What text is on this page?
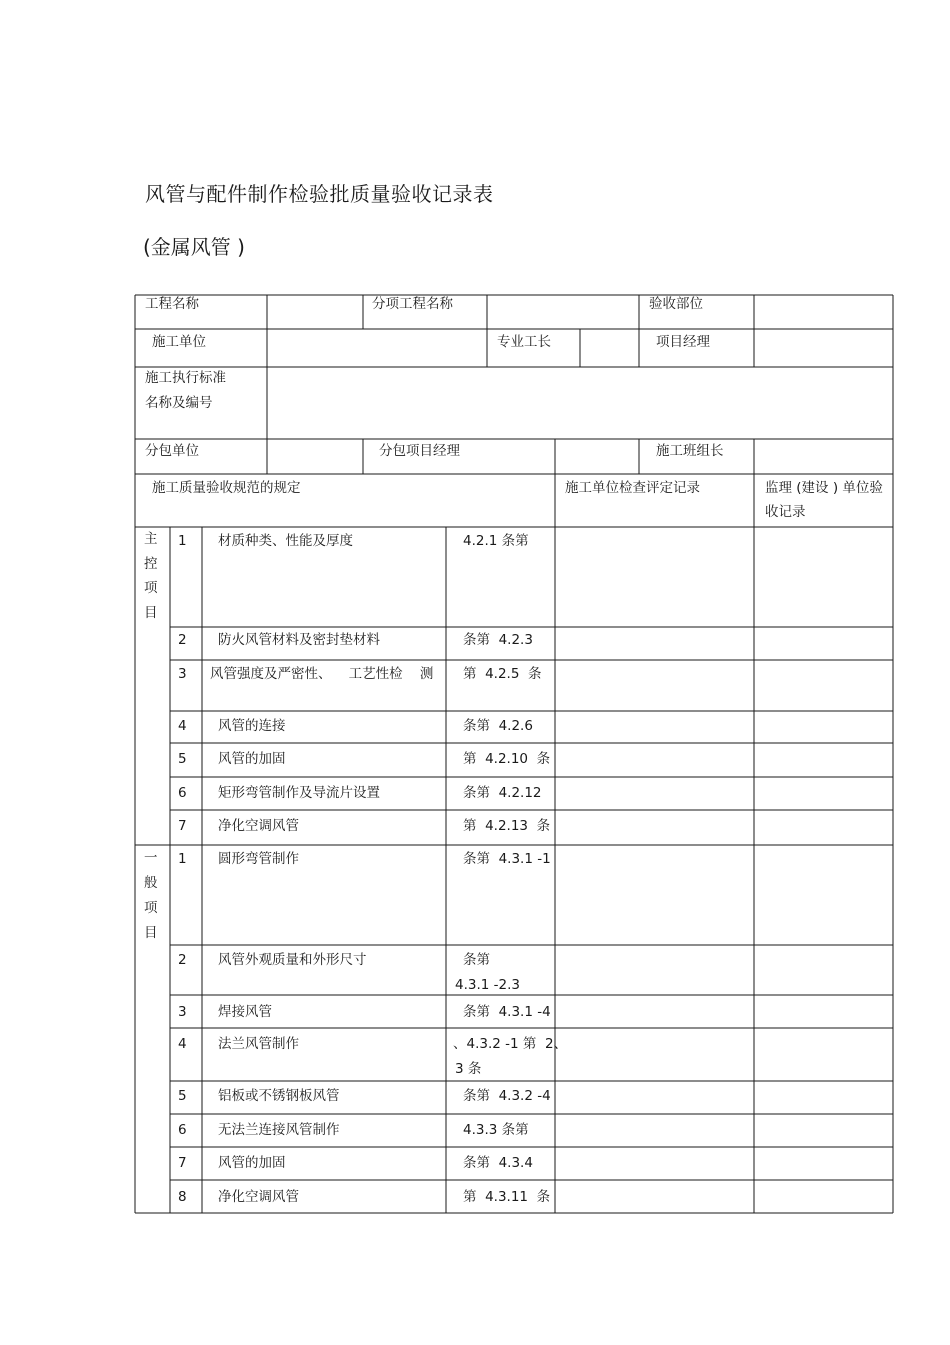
风管与配件制作检验批质量验收记录表
(金属风管 )
工程名称	分项工程名称	验收部位
施工单位	专业工长	项目经理
施工执行标准
名称及编号
分包单位	分包项目经理	施工班组长
施工质量验收规范的规定	施工单位检查评定记录	监理 (建设 ) 单位验
收记录
主
控
项
目
1 材质种类、性能及厚度	4.2.1 条第
2 防火风管材料及密封垫材料	条第  4.2.3
3 风管强度及严密性、    工艺性检    测 第  4.2.5  条
4 风管的连接	条第  4.2.6
5 风管的加固	第  4.2.10  条
6 矩形弯管制作及导流片设置	条第  4.2.12
7 净化空调风管	第  4.2.13  条
一
般
项
目
1 圆形弯管制作	条第  4.3.1 -1
2 风管外观质量和外形尺寸	条第
4.3.1 -2.3
3 焊接风管	条第  4.3.1 -4
4 法兰风管制作	、4.3.2 -1 第  2、
3 条
5 铝板或不锈钢板风管	条第  4.3.2 -4
6 无法兰连接风管制作	4.3.3 条第
7 风管的加固	条第  4.3.4
8 净化空调风管	第  4.3.11  条
